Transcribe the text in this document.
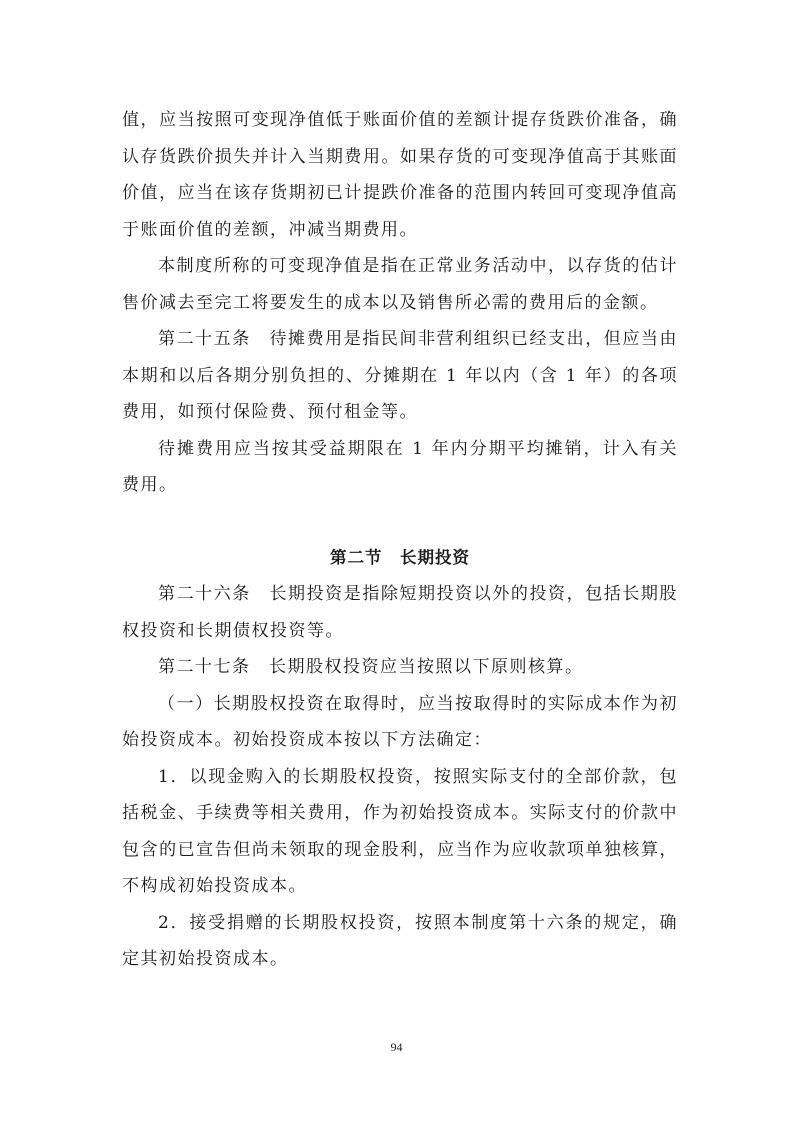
值，应当按照可变现净值低于账面价值的差额计提存货跌价准备，确认存货跌价损失并计入当期费用。如果存货的可变现净值高于其账面价值，应当在该存货期初已计提跌价准备的范围内转回可变现净值高于账面价值的差额，冲减当期费用。

本制度所称的可变现净值是指在正常业务活动中，以存货的估计售价减去至完工将要发生的成本以及销售所必需的费用后的金额。

第二十五条　待摊费用是指民间非营利组织已经支出，但应当由本期和以后各期分别负担的、分摊期在 1 年以内（含 1 年）的各项费用，如预付保险费、预付租金等。

待摊费用应当按其受益期限在 1 年内分期平均摊销，计入有关费用。

第二节　长期投资

第二十六条　长期投资是指除短期投资以外的投资，包括长期股权投资和长期债权投资等。

第二十七条　长期股权投资应当按照以下原则核算。

（一）长期股权投资在取得时，应当按取得时的实际成本作为初始投资成本。初始投资成本按以下方法确定：

1．以现金购入的长期股权投资，按照实际支付的全部价款，包括税金、手续费等相关费用，作为初始投资成本。实际支付的价款中包含的已宣告但尚未领取的现金股利，应当作为应收款项单独核算，不构成初始投资成本。

2．接受捐赠的长期股权投资，按照本制度第十六条的规定，确定其初始投资成本。

94
